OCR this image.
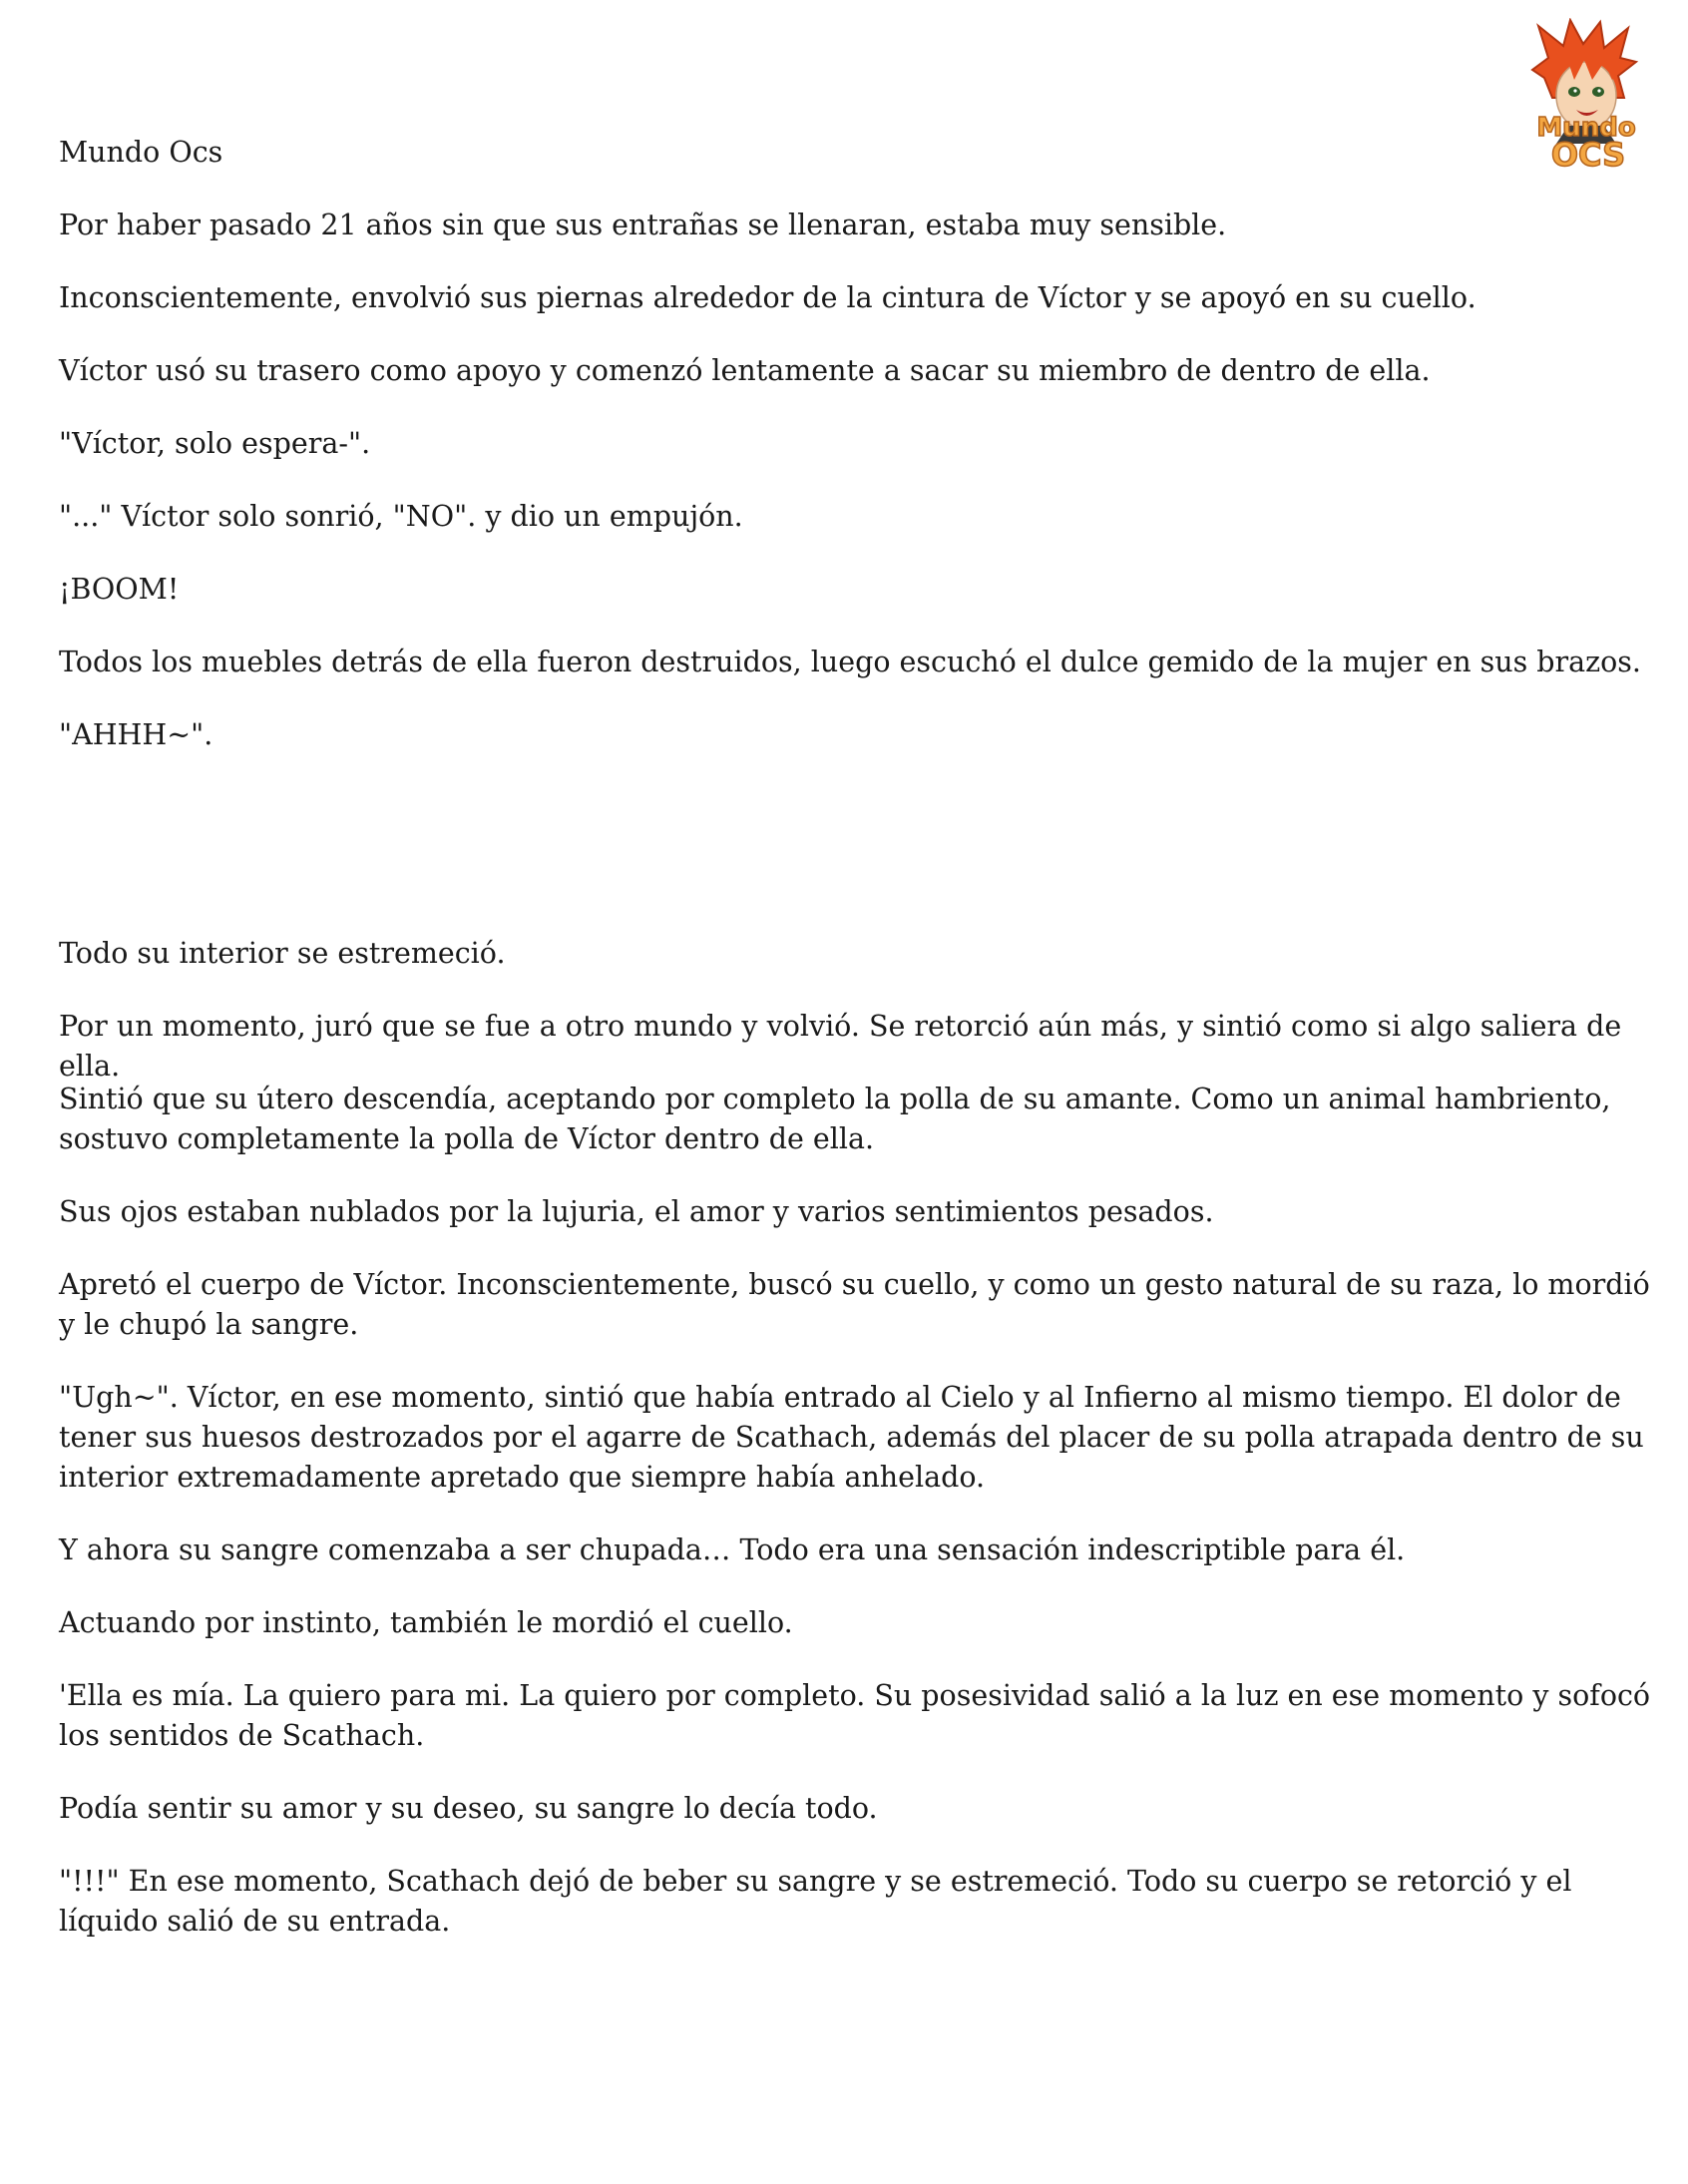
Mundo
OCS

Mundo Ocs

Por haber pasado 21 años sin que sus entrañas se llenaran, estaba muy sensible.

Inconscientemente, envolvió sus piernas alrededor de la cintura de Víctor y se apoyó en su cuello.

Víctor usó su trasero como apoyo y comenzó lentamente a sacar su miembro de dentro de ella.

"Víctor, solo espera-".

"..." Víctor solo sonrió, "NO". y dio un empujón.

¡BOOM!

Todos los muebles detrás de ella fueron destruidos, luego escuchó el dulce gemido de la mujer en sus brazos.

"AHHH~".

Todo su interior se estremeció.

Por un momento, juró que se fue a otro mundo y volvió. Se retorció aún más, y sintió como si algo saliera de ella.

Sintió que su útero descendía, aceptando por completo la polla de su amante. Como un animal hambriento, sostuvo completamente la polla de Víctor dentro de ella.

Sus ojos estaban nublados por la lujuria, el amor y varios sentimientos pesados.

Apretó el cuerpo de Víctor. Inconscientemente, buscó su cuello, y como un gesto natural de su raza, lo mordió y le chupó la sangre.

"Ugh~". Víctor, en ese momento, sintió que había entrado al Cielo y al Infierno al mismo tiempo. El dolor de tener sus huesos destrozados por el agarre de Scathach, además del placer de su polla atrapada dentro de su interior extremadamente apretado que siempre había anhelado.

Y ahora su sangre comenzaba a ser chupada… Todo era una sensación indescriptible para él.

Actuando por instinto, también le mordió el cuello.

'Ella es mía. La quiero para mi. La quiero por completo. Su posesividad salió a la luz en ese momento y sofocó los sentidos de Scathach.

Podía sentir su amor y su deseo, su sangre lo decía todo.

"!!!" En ese momento, Scathach dejó de beber su sangre y se estremeció. Todo su cuerpo se retorció y el líquido salió de su entrada.
